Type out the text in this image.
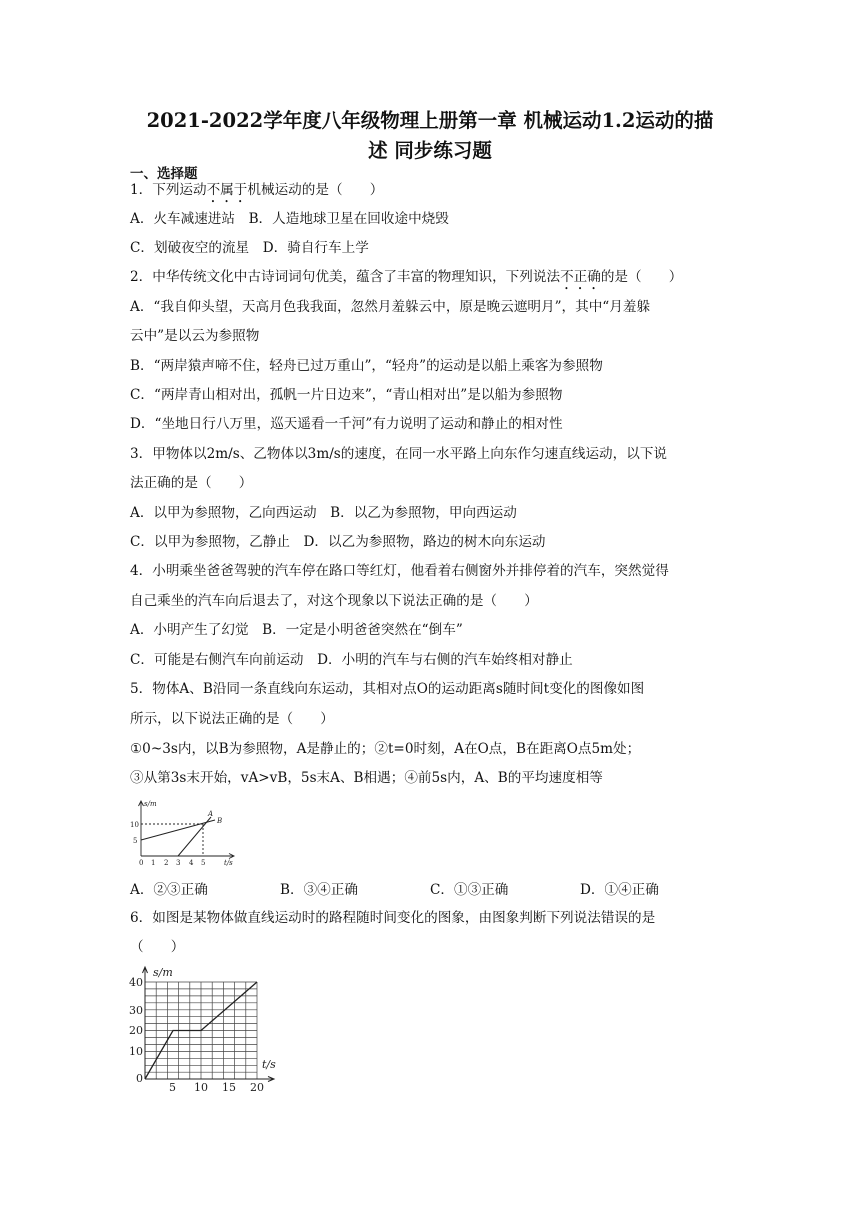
2021-2022学年度八年级物理上册第一章 机械运动1.2运动的描
述 同步练习题
一、选择题
1．下列运动不属于机械运动的是（　　）
A．火车减速进站　B．人造地球卫星在回收途中烧毁
C．划破夜空的流星　D．骑自行车上学
2．中华传统文化中古诗词词句优美，蕴含了丰富的物理知识，下列说法不正确的是（　　）
A．“我自仰头望，天高月色我我面，忽然月羞躲云中，原是晚云遮明月”，其中“月羞躲
云中”是以云为参照物
B．“两岸猿声啼不住，轻舟已过万重山”，“轻舟”的运动是以船上乘客为参照物
C．“两岸青山相对出，孤帆一片日边来”，“青山相对出”是以船为参照物
D．“坐地日行八万里，巡天遥看一千河”有力说明了运动和静止的相对性
3．甲物体以2m/s、乙物体以3m/s的速度，在同一水平路上向东作匀速直线运动，以下说
法正确的是（　　）
A．以甲为参照物，乙向西运动　B．以乙为参照物，甲向西运动
C．以甲为参照物，乙静止　D．以乙为参照物，路边的树木向东运动
4．小明乘坐爸爸驾驶的汽车停在路口等红灯，他看着右侧窗外并排停着的汽车，突然觉得
自己乘坐的汽车向后退去了，对这个现象以下说法正确的是（　　）
A．小明产生了幻觉　B．一定是小明爸爸突然在“倒车”
C．可能是右侧汽车向前运动　D．小明的汽车与右侧的汽车始终相对静止
5．物体A、B沿同一条直线向东运动，其相对点O的运动距离s随时间t变化的图像如图
所示，以下说法正确的是（　　）
①0~3s内，以B为参照物，A是静止的；②t=0时刻，A在O点，B在距离O点5m处；
③从第3s末开始，vA>vB，5s末A、B相遇；④前5s内，A、B的平均速度相等
s/m
t/s
A
B
10
5
0 1 2 3 4 5
A．②③正确	B．③④正确	C．①③正确	D．①④正确
6．如图是某物体做直线运动时的路程随时间变化的图象，由图象判断下列说法错误的是
（　　）
s/m
t/s
40
30
20
10
0
5 10 15 20
